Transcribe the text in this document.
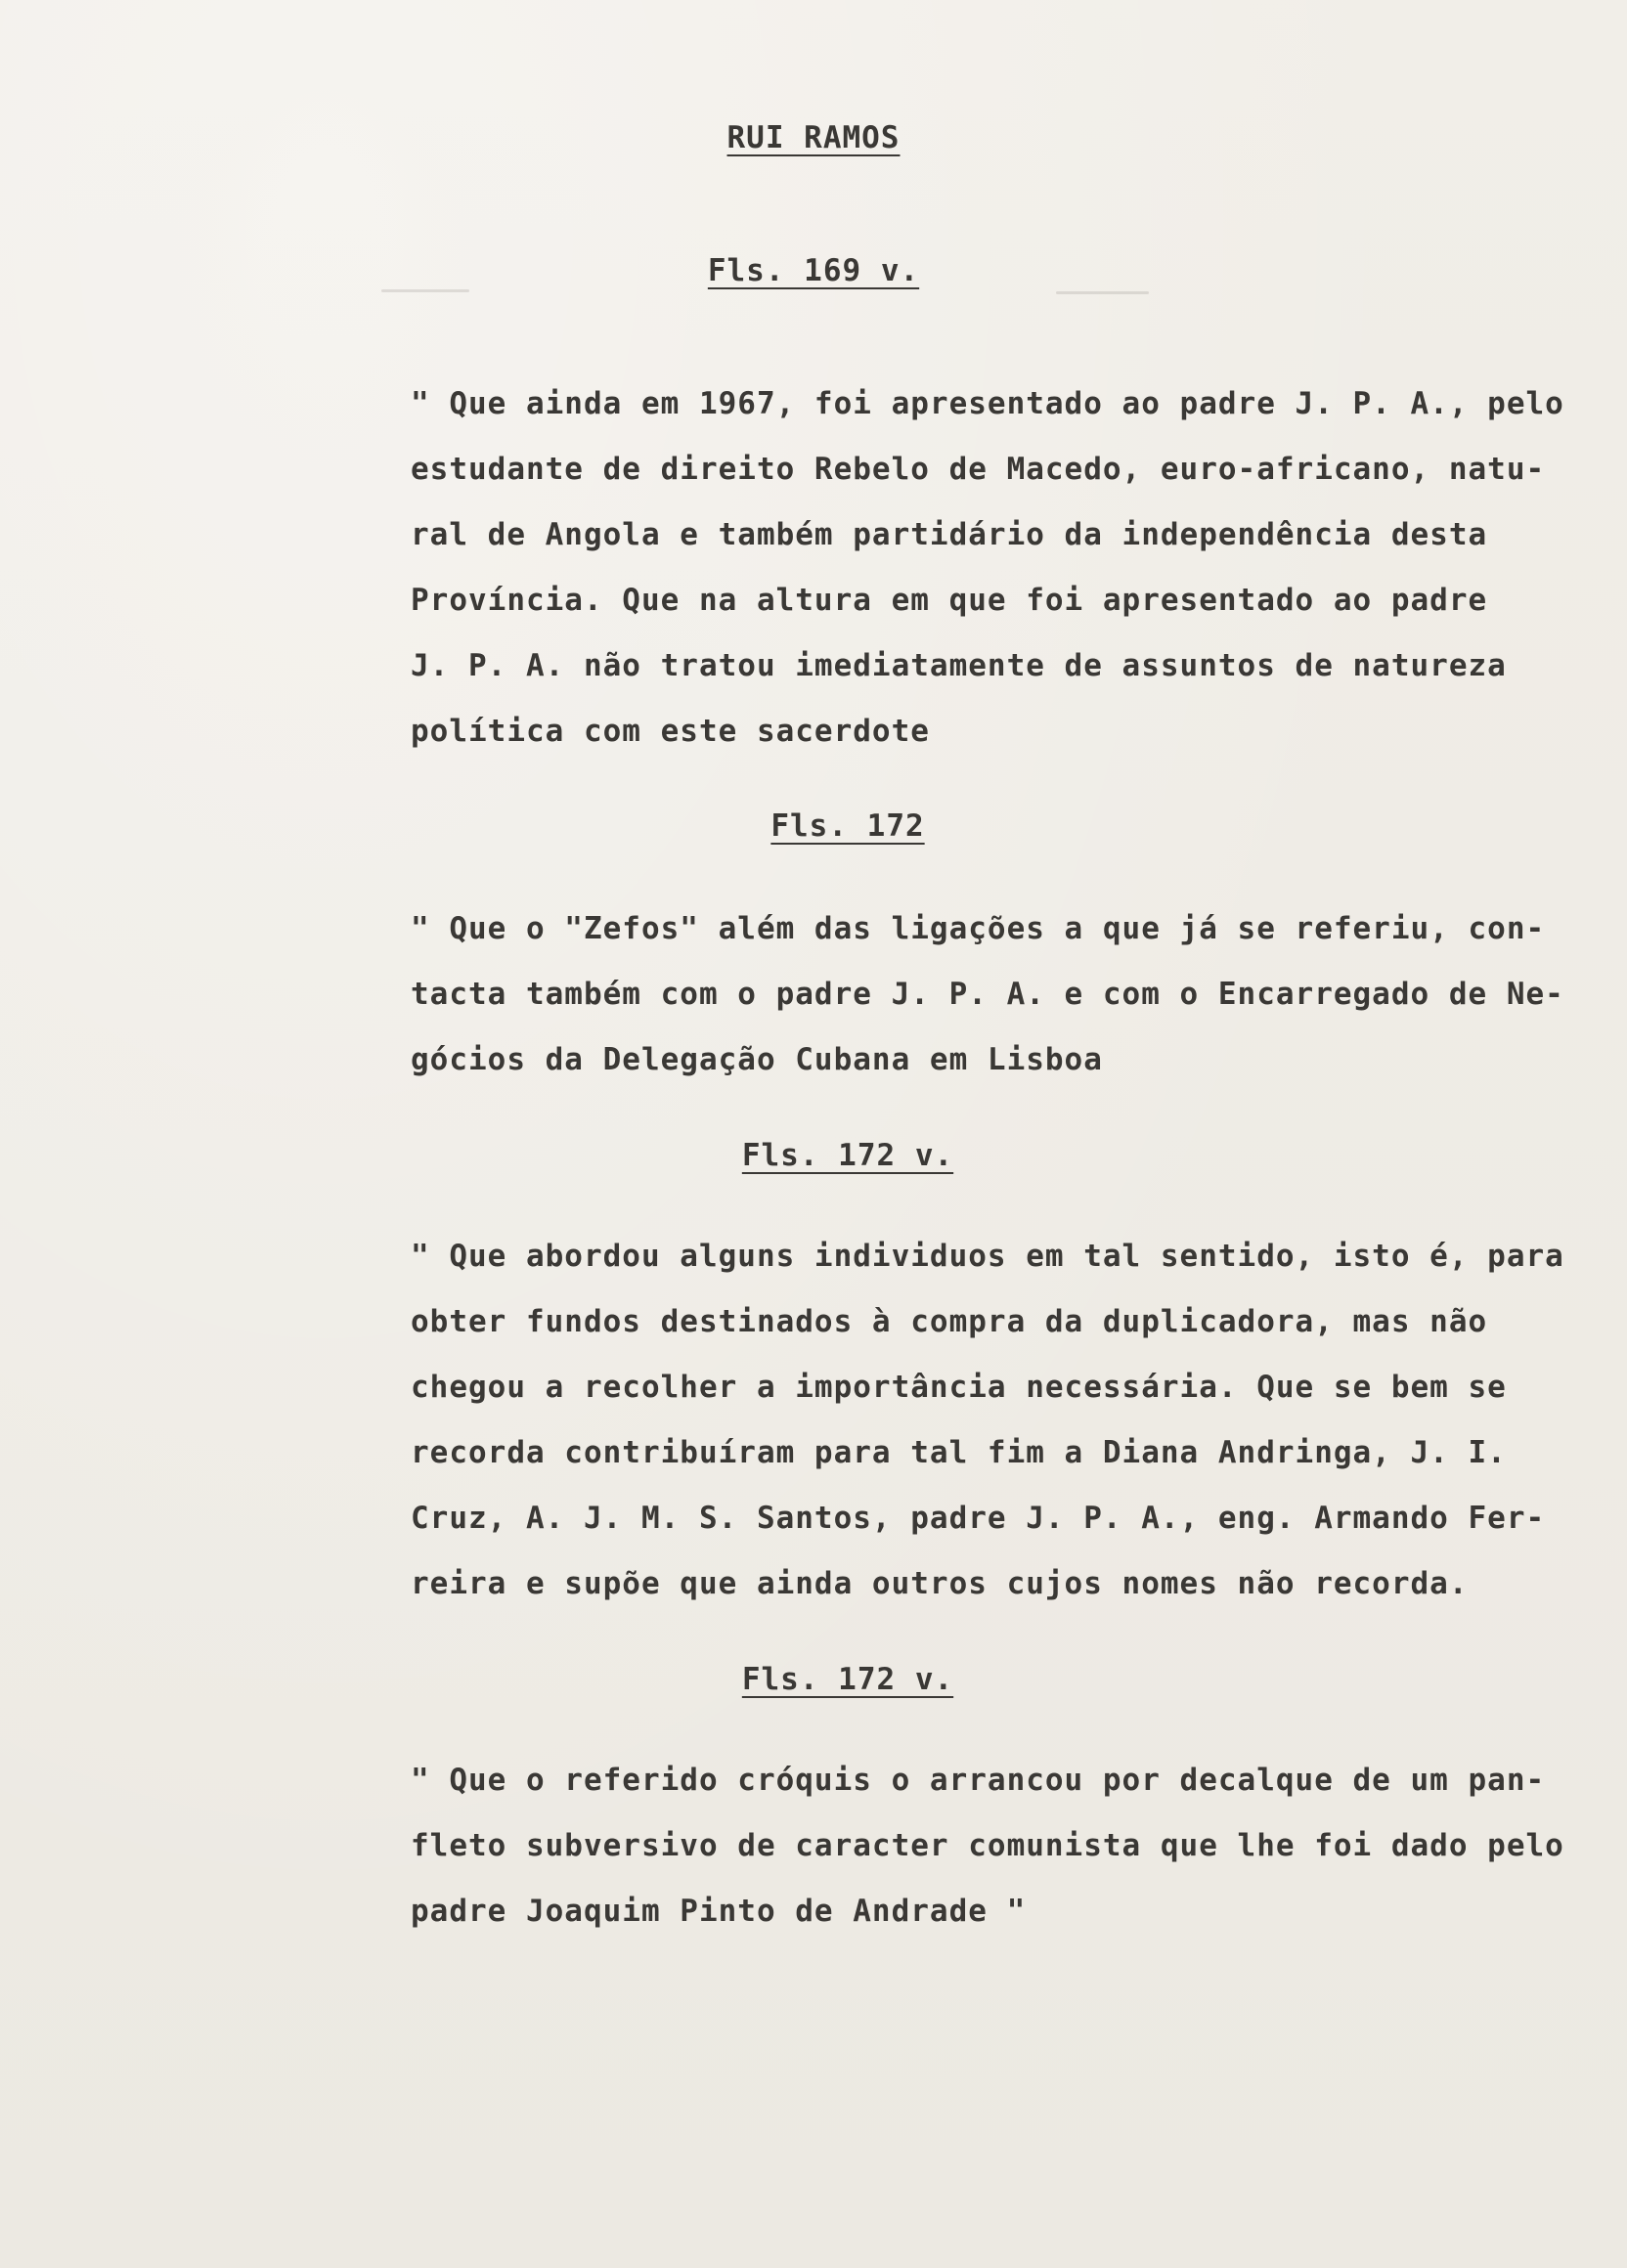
RUI RAMOS
Fls. 169 v.
" Que ainda em 1967, foi apresentado ao padre J. P. A., pelo
estudante de direito Rebelo de Macedo, euro-africano, natu-
ral de Angola e também partidário da independência desta
Província. Que na altura em que foi apresentado ao padre
J. P. A. não tratou imediatamente de assuntos de natureza
política com este sacerdote
Fls. 172
" Que o "Zefos" além das ligações a que já se referiu, con-
tacta também com o padre J. P. A. e com o Encarregado de Ne-
gócios da Delegação Cubana em Lisboa
Fls. 172 v.
" Que abordou alguns individuos em tal sentido, isto é, para
obter fundos destinados à compra da duplicadora, mas não
chegou a recolher a importância necessária. Que se bem se
recorda contribuíram para tal fim a Diana Andringa, J. I.
Cruz, A. J. M. S. Santos, padre J. P. A., eng. Armando Fer-
reira e supõe que ainda outros cujos nomes não recorda.
Fls. 172 v.
" Que o referido cróquis o arrancou por decalque de um pan-
fleto subversivo de caracter comunista que lhe foi dado pelo
padre Joaquim Pinto de Andrade "
